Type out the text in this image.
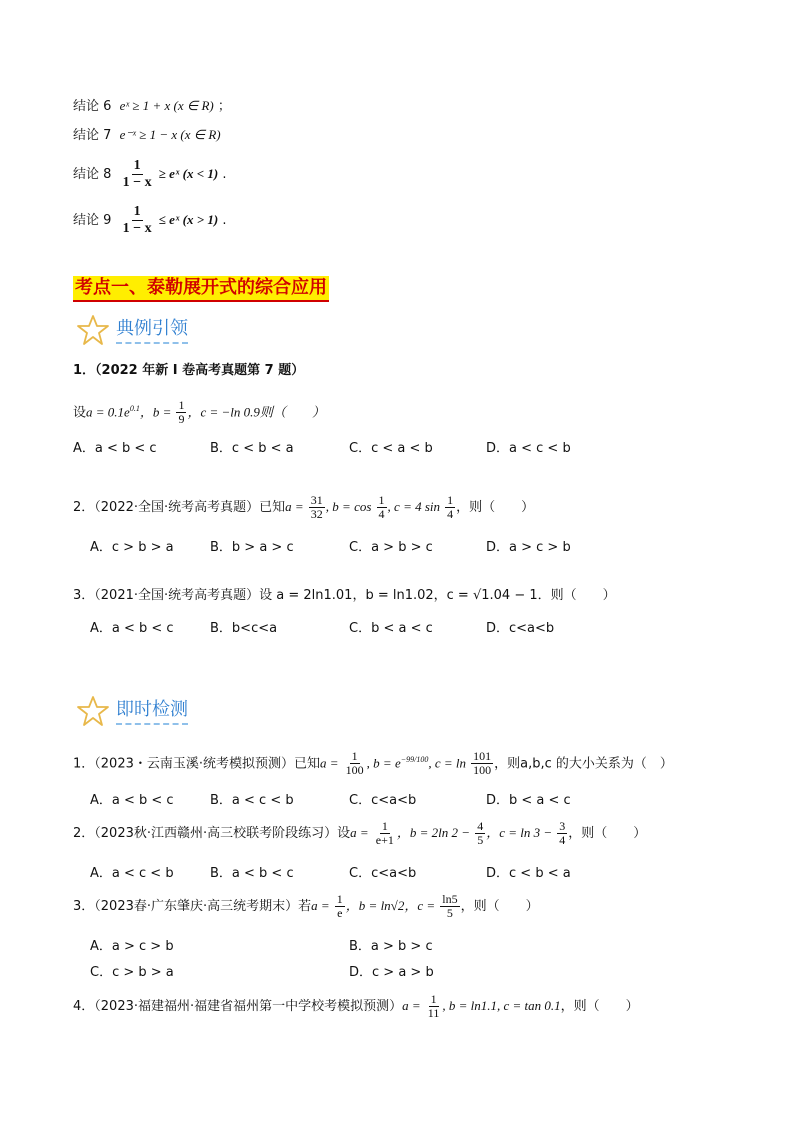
结论 6 eˣ ≥ 1 + x (x ∈ R) ；
结论 7 e⁻ˣ ≥ 1 − x (x ∈ R)
结论 $8 \frac{1}{1 - x}$ ≥ eˣ (x < 1) .
结论 $9 \frac{1}{1 - x}$ ≤ eˣ (x > 1) .
考点一、泰勒展开式的综合应用
典例引领
1．（2022 年新 I 卷高考真题第 7 题）
设$a = 0.1e^{0.1}$，$b = \frac{1}{9}$ ，c = −ln 0.9则（　　）
A．a < b < c	B．c < b < a	C．c < a < b	D．a < c < b
2．（2022·全国·统考高考真题）已知$a = \frac{31}{32}$ , $b = \cos \frac{1}{4}$ , c = 4 $\sin \frac{1}{4}$ ，则（　　）
A．c > b > a	B．b > a > c	C．a > b > c	D．a > c > b
3．（2021·全国·统考高考真题）设 a = 2ln1.01，b = ln1.02，c = √1.04 − 1．则（　　）
A．a < b < c	B．b<c<a	C．b < a < c	D．c<a<b
即时检测
1．（2023・云南玉溪·统考模拟预测）已知$a = \frac{1}{100}$ , $b = e^{-99/100}$, $c = \ln \frac{101}{100}$ ，则a,b,c 的大小关系为（　）
A．a < b < c	B．a < c < b	C．c<a<b	D．b < a < c
2．（2023秋·江西赣州·高三校联考阶段练习）设$a = \frac{1}{e+1}$ ，b = 2ln $2 - \frac{4}{5}$ ，$c = \ln 3 - \frac{3}{4}$ ，则（　　）
A．a < c < b	B．a < b < c	C．c<a<b	D．c < b < a
3．（2023春·广东肇庆·高三统考期末）若$a = \frac{1}{e}$ ，b = ln√2，$c = \frac{\ln 5}{5}$ ，则（　　）
A．a > c > b	B．a > b > c
C．c > b > a	D．c > a > b
4．（2023·福建福州·福建省福州第一中学校考模拟预测）$a = \frac{1}{11}$ , b = ln1.1, c = tan 0.1，则（　　）
